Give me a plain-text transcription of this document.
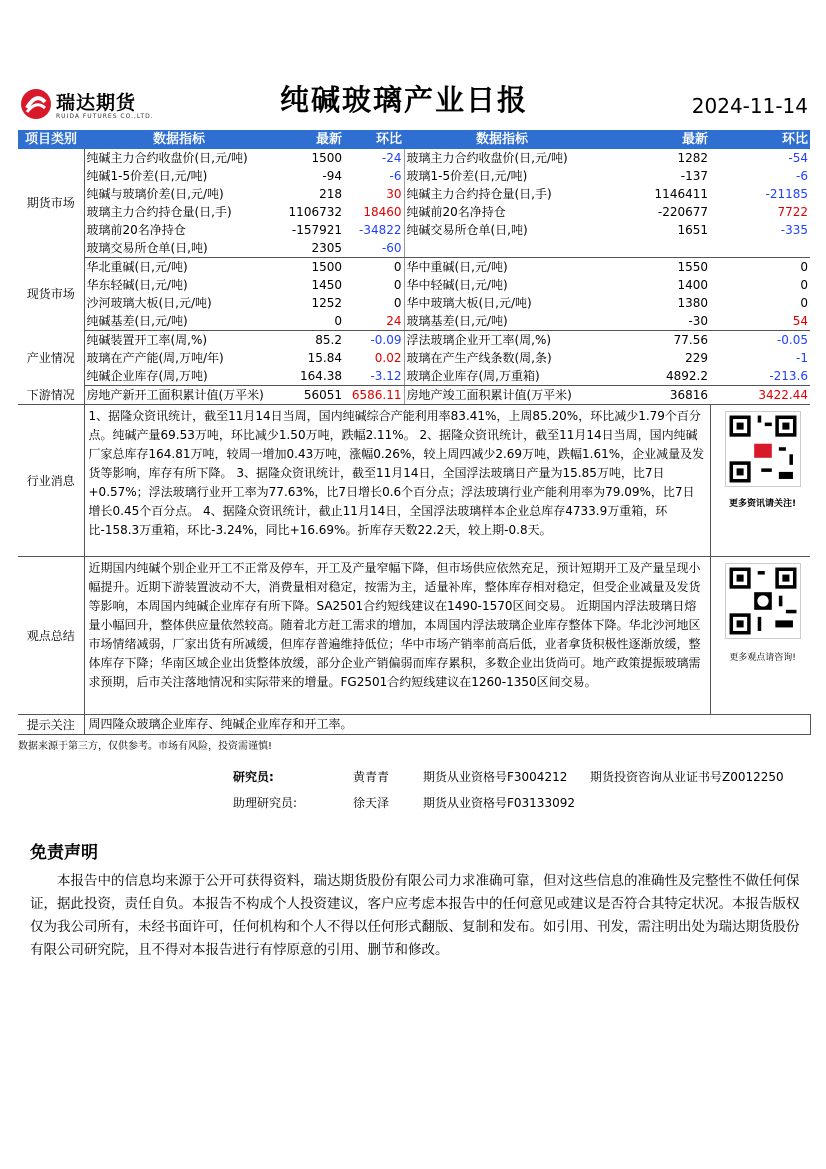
瑞达期货
RUIDA FUTURES CO.,LTD.	纯碱玻璃产业日报	2024-11-14
项目类别	数据指标	最新	环比	数据指标	最新	环比
期货市场	纯碱主力合约收盘价(日,元/吨)	1500	-24	玻璃主力合约收盘价(日,元/吨)	1282	-54
	纯碱1-5价差(日,元/吨)	-94	-6	玻璃1-5价差(日,元/吨)	-137	-6
	纯碱与玻璃价差(日,元/吨)	218	30	纯碱主力合约持仓量(日,手)	1146411	-21185
	玻璃主力合约持仓量(日,手)	1106732	18460	纯碱前20名净持仓	-220677	7722
	玻璃前20名净持仓	-157921	-34822	纯碱交易所仓单(日,吨)	1651	-335
	玻璃交易所仓单(日,吨)	2305	-60			
现货市场	华北重碱(日,元/吨)	1500	0	华中重碱(日,元/吨)	1550	0
	华东轻碱(日,元/吨)	1450	0	华中轻碱(日,元/吨)	1400	0
	沙河玻璃大板(日,元/吨)	1252	0	华中玻璃大板(日,元/吨)	1380	0
	纯碱基差(日,元/吨)	0	24	玻璃基差(日,元/吨)	-30	54
产业情况	纯碱装置开工率(周,%)	85.2	-0.09	浮法玻璃企业开工率(周,%)	77.56	-0.05
	玻璃在产产能(周,万吨/年)	15.84	0.02	玻璃在产生产线条数(周,条)	229	-1
	纯碱企业库存(周,万吨)	164.38	-3.12	玻璃企业库存(周,万重箱)	4892.2	-213.6
下游情况	房地产新开工面积累计值(万平米)	56051	6586.11	房地产竣工面积累计值(万平米)	36816	3422.44
行业消息	1、据隆众资讯统计，截至11月14日当周，国内纯碱综合产能利用率83.41%，上周85.20%，环比减少1.79个百分点。纯碱产量69.53万吨，环比减少1.50万吨，跌幅2.11%。 2、据隆众资讯统计，截至11月14日当周，国内纯碱厂家总库存164.81万吨，较周一增加0.43万吨，涨幅0.26%，较上周四减少2.69万吨，跌幅1.61%，企业减量及发货等影响，库存有所下降。 3、据隆众资讯统计，截至11月14日，全国浮法玻璃日产量为15.85万吨，比7日+0.57%；浮法玻璃行业开工率为77.63%，比7日增长0.6个百分点；浮法玻璃行业产能利用率为79.09%，比7日增长0.45个百分点。 4、据隆众资讯统计，截止11月14日，全国浮法玻璃样本企业总库存4733.9万重箱，环比-158.3万重箱，环比-3.24%，同比+16.69%。折库存天数22.2天，较上期-0.8天。					更多资讯请关注!

观点总结	近期国内纯碱个别企业开工不正常及停车，开工及产量窄幅下降，但市场供应依然充足，预计短期开工及产量呈现小幅提升。近期下游装置波动不大，消费量相对稳定，按需为主，适量补库，整体库存相对稳定，但受企业减量及发货等影响，本周国内纯碱企业库存有所下降。SA2501合约短线建议在1490-1570区间交易。 近期国内浮法玻璃日熔量小幅回升，整体供应量依然较高。随着北方赶工需求的增加，本周国内浮法玻璃企业库存整体下降。华北沙河地区市场情绪减弱，厂家出货有所减缓，但库存普遍维持低位；华中市场产销率前高后低，业者拿货积极性逐渐放缓，整体库存下降；华南区域企业出货整体放缓，部分企业产销偏弱而库存累积，多数企业出货尚可。地产政策提振玻璃需求预期，后市关注落地情况和实际带来的增量。FG2501合约短线建议在1260-1350区间交易。					更多观点请咨询!

提示关注	周四隆众玻璃企业库存、纯碱企业库存和开工率。					
数据来源于第三方，仅供参考。市场有风险，投资需谨慎!
研究员:	黄青青	期货从业资格号F3004212 期货投资咨询从业证书号Z0012250
助理研究员:	徐天泽	期货从业资格号F03133092
免责声明
本报告中的信息均来源于公开可获得资料，瑞达期货股份有限公司力求准确可靠，但对这些信息的准确性及完整性不做任何保证，据此投资，责任自负。本报告不构成个人投资建议，客户应考虑本报告中的任何意见或建议是否符合其特定状况。本报告版权仅为我公司所有，未经书面许可，任何机构和个人不得以任何形式翻版、复制和发布。如引用、刊发，需注明出处为瑞达期货股份有限公司研究院，且不得对本报告进行有悖原意的引用、删节和修改。
